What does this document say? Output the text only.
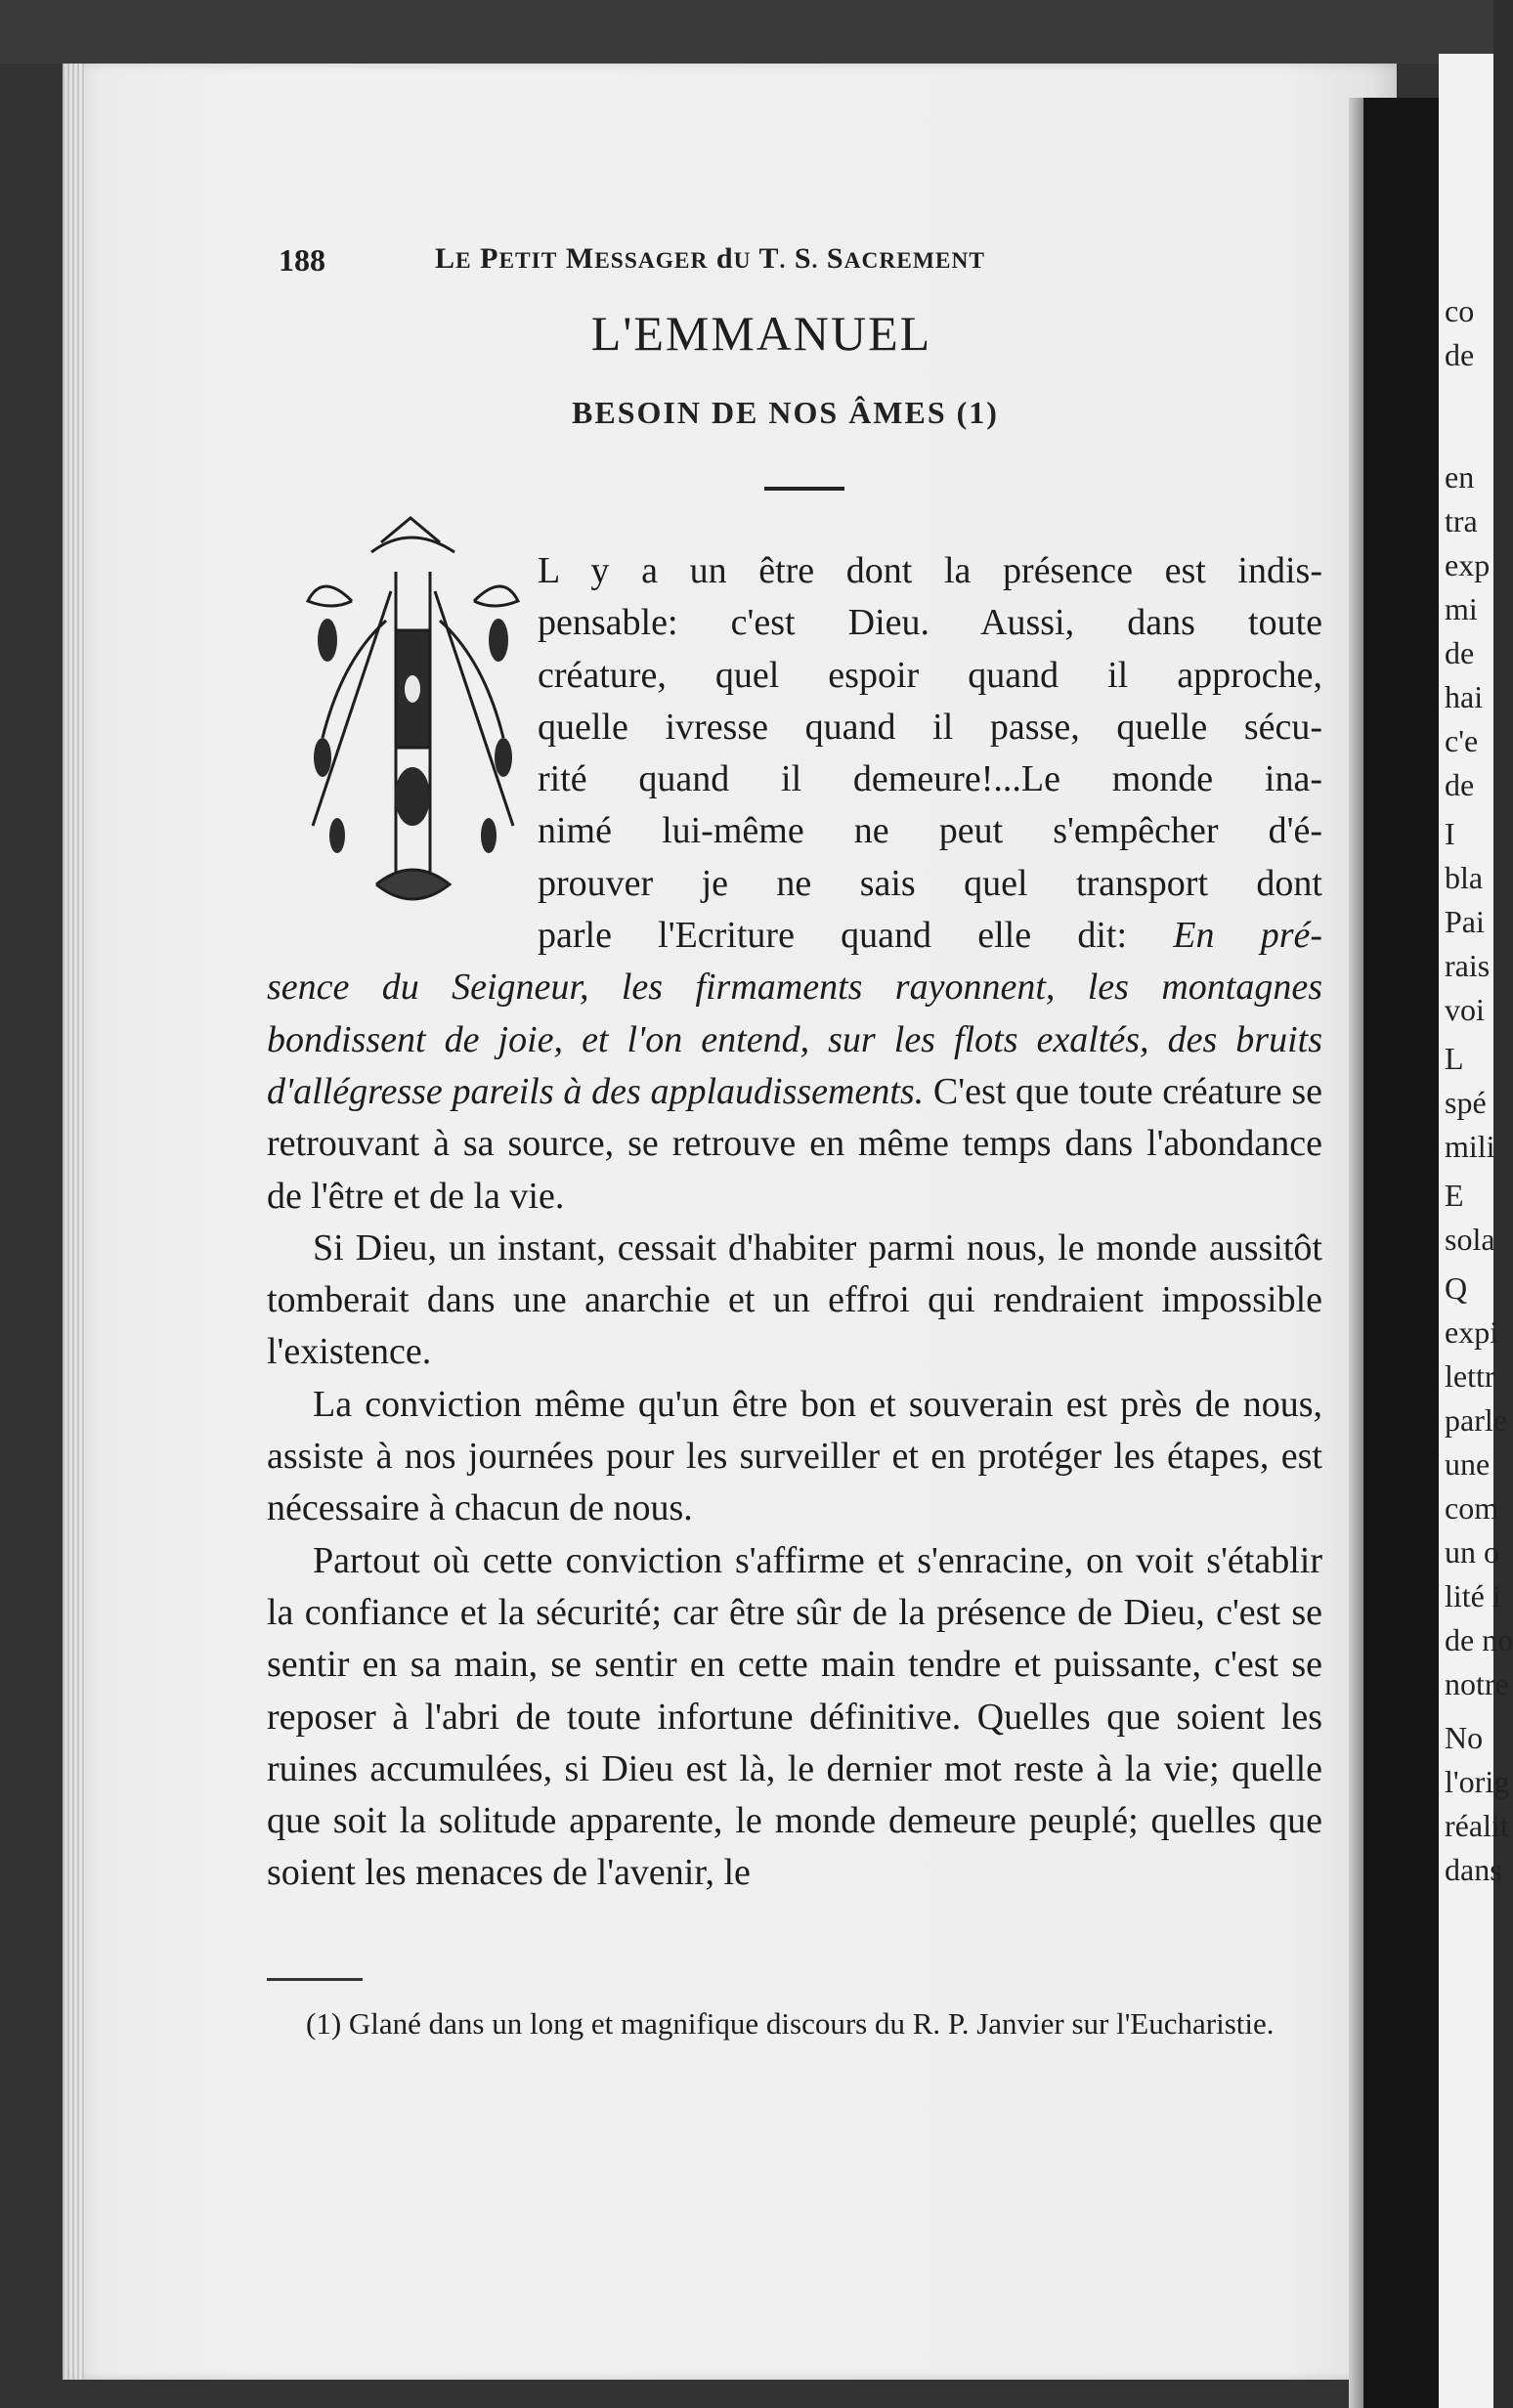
co
de
en
tra
exp
mi
de
hai
c'e
de
I
bla
Pai
rais
voi
L
spé
mili
E
sola
Q
expi
lettr
parle
une
com
un o
lité i
de no
notre
No
l'orig
réalit
dans
188	LE PETIT MESSAGER dU T. S. SACREMENT
L'EMMANUEL
BESOIN DE NOS ÂMES (1)
L y a un être dont la présence est indis-
pensable: c'est Dieu. Aussi, dans toute
créature, quel espoir quand il approche,
quelle ivresse quand il passe, quelle sécu-
rité quand il demeure!...Le monde ina-
nimé lui-même ne peut s'empêcher d'é-
prouver je ne sais quel transport dont
parle l'Ecriture quand elle dit: En pré-

sence du Seigneur, les firmaments rayonnent, les montagnes bondissent de joie, et l'on entend, sur les flots exaltés, des bruits d'allégresse pareils à des applaudissements. C'est que toute créature se retrouvant à sa source, se retrouve en même temps dans l'abondance de l'être et de la vie.

Si Dieu, un instant, cessait d'habiter parmi nous, le monde aussitôt tomberait dans une anarchie et un effroi qui rendraient impossible l'existence.

La conviction même qu'un être bon et souverain est près de nous, assiste à nos journées pour les surveiller et en protéger les étapes, est nécessaire à chacun de nous.

Partout où cette conviction s'affirme et s'enracine, on voit s'établir la confiance et la sécurité; car être sûr de la présence de Dieu, c'est se sentir en sa main, se sentir en cette main tendre et puissante, c'est se reposer à l'abri de toute infortune définitive. Quelles que soient les ruines accumulées, si Dieu est là, le dernier mot reste à la vie; quelle que soit la solitude apparente, le monde demeure peuplé; quelles que soient les menaces de l'avenir, le

(1) Glané dans un long et magnifique discours du R. P. Janvier sur l'Eucharistie.
